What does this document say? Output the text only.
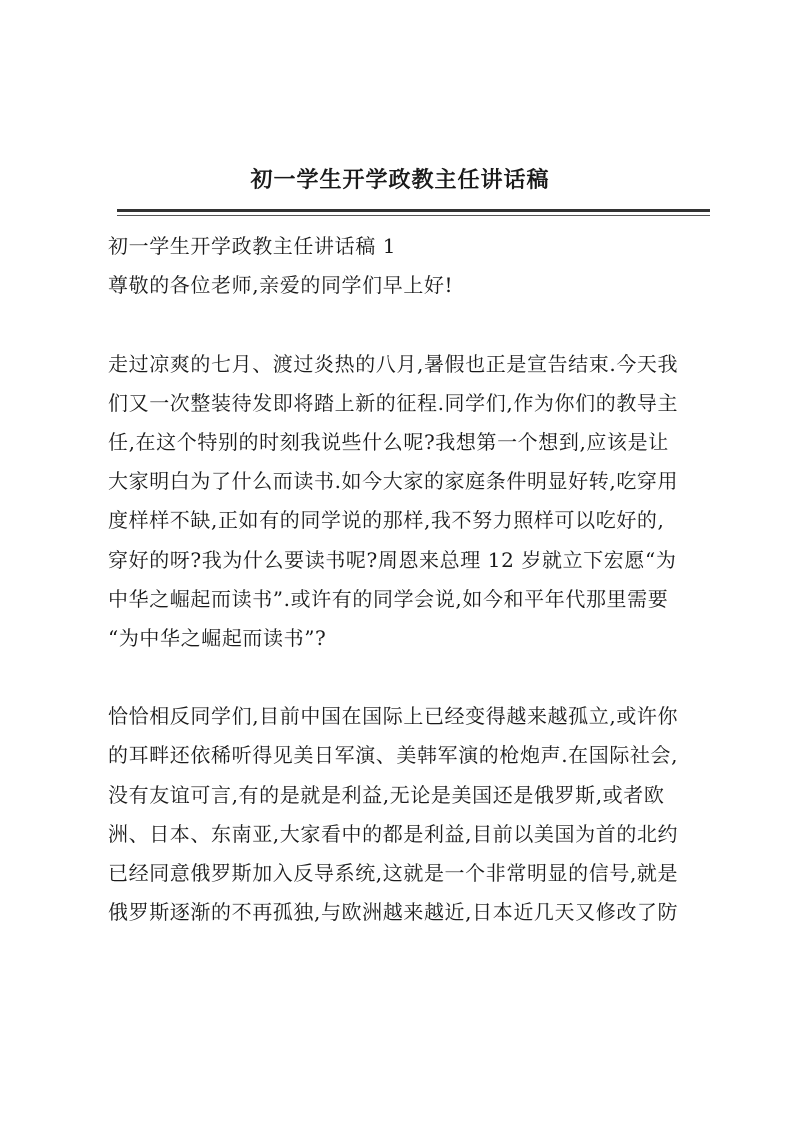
初一学生开学政教主任讲话稿
初一学生开学政教主任讲话稿 1
尊敬的各位老师,亲爱的同学们早上好!
走过凉爽的七月、渡过炎热的八月,暑假也正是宣告结束.今天我
们又一次整装待发即将踏上新的征程.同学们,作为你们的教导主
任,在这个特别的时刻我说些什么呢?我想第一个想到,应该是让
大家明白为了什么而读书.如今大家的家庭条件明显好转,吃穿用
度样样不缺,正如有的同学说的那样,我不努力照样可以吃好的,
穿好的呀?我为什么要读书呢?周恩来总理 12 岁就立下宏愿“为
中华之崛起而读书”.或许有的同学会说,如今和平年代那里需要
“为中华之崛起而读书”?
恰恰相反同学们,目前中国在国际上已经变得越来越孤立,或许你
的耳畔还依稀听得见美日军演、美韩军演的枪炮声.在国际社会,
没有友谊可言,有的是就是利益,无论是美国还是俄罗斯,或者欧
洲、日本、东南亚,大家看中的都是利益,目前以美国为首的北约
已经同意俄罗斯加入反导系统,这就是一个非常明显的信号,就是
俄罗斯逐渐的不再孤独,与欧洲越来越近,日本近几天又修改了防
